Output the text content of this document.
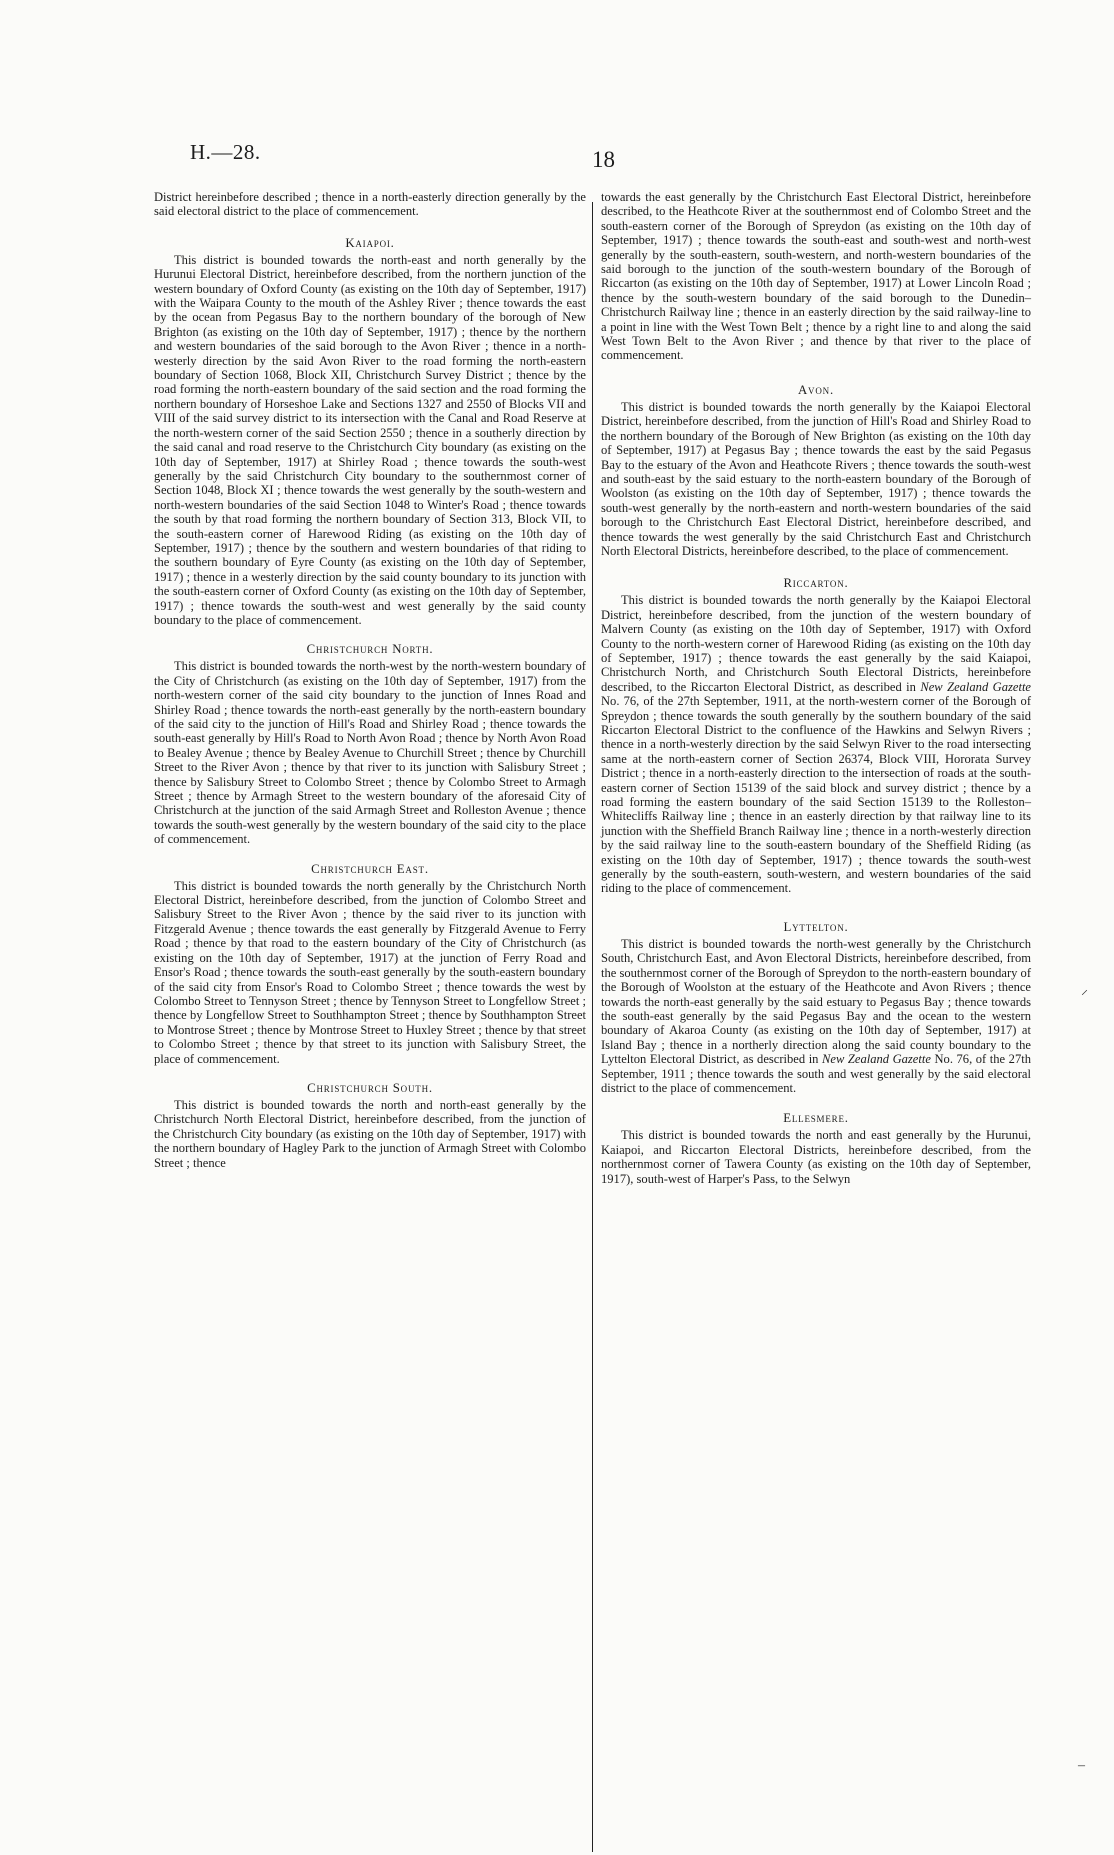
H.—28.	18

District hereinbefore described ; thence in a north-easterly direction generally by the said electoral district to the place of commencement.

Kaiapoi.

This district is bounded towards the north-east and north generally by the Hurunui Electoral District, hereinbefore described, from the northern junction of the western boundary of Oxford County (as existing on the 10th day of September, 1917) with the Waipara County to the mouth of the Ashley River ; thence towards the east by the ocean from Pegasus Bay to the northern boundary of the borough of New Brighton (as existing on the 10th day of September, 1917) ; thence by the northern and western boundaries of the said borough to the Avon River ; thence in a north-westerly direction by the said Avon River to the road forming the north-eastern boundary of Section 1068, Block XII, Christchurch Survey District ; thence by the road forming the north-eastern boundary of the said section and the road forming the northern boundary of Horseshoe Lake and Sections 1327 and 2550 of Blocks VII and VIII of the said survey district to its intersection with the Canal and Road Reserve at the north-western corner of the said Section 2550 ; thence in a southerly direction by the said canal and road reserve to the Christchurch City boundary (as existing on the 10th day of September, 1917) at Shirley Road ; thence towards the south-west generally by the said Christchurch City boundary to the southernmost corner of Section 1048, Block XI ; thence towards the west generally by the south-western and north-western boundaries of the said Section 1048 to Winter's Road ; thence towards the south by that road forming the northern boundary of Section 313, Block VII, to the south-eastern corner of Harewood Riding (as existing on the 10th day of September, 1917) ; thence by the southern and western boundaries of that riding to the southern boundary of Eyre County (as existing on the 10th day of September, 1917) ; thence in a westerly direction by the said county boundary to its junction with the south-eastern corner of Oxford County (as existing on the 10th day of September, 1917) ; thence towards the south-west and west generally by the said county boundary to the place of commencement.

Christchurch North.

This district is bounded towards the north-west by the north-western boundary of the City of Christchurch (as existing on the 10th day of September, 1917) from the north-western corner of the said city boundary to the junction of Innes Road and Shirley Road ; thence towards the north-east generally by the north-eastern boundary of the said city to the junction of Hill's Road and Shirley Road ; thence towards the south-east generally by Hill's Road to North Avon Road ; thence by North Avon Road to Bealey Avenue ; thence by Bealey Avenue to Churchill Street ; thence by Churchill Street to the River Avon ; thence by that river to its junction with Salisbury Street ; thence by Salisbury Street to Colombo Street ; thence by Colombo Street to Armagh Street ; thence by Armagh Street to the western boundary of the aforesaid City of Christchurch at the junction of the said Armagh Street and Rolleston Avenue ; thence towards the south-west generally by the western boundary of the said city to the place of commencement.

Christchurch East.

This district is bounded towards the north generally by the Christchurch North Electoral District, hereinbefore described, from the junction of Colombo Street and Salisbury Street to the River Avon ; thence by the said river to its junction with Fitzgerald Avenue ; thence towards the east generally by Fitzgerald Avenue to Ferry Road ; thence by that road to the eastern boundary of the City of Christchurch (as existing on the 10th day of September, 1917) at the junction of Ferry Road and Ensor's Road ; thence towards the south-east generally by the south-eastern boundary of the said city from Ensor's Road to Colombo Street ; thence towards the west by Colombo Street to Tennyson Street ; thence by Tennyson Street to Longfellow Street ; thence by Longfellow Street to Southhampton Street ; thence by Southhampton Street to Montrose Street ; thence by Montrose Street to Huxley Street ; thence by that street to Colombo Street ; thence by that street to its junction with Salisbury Street, the place of commencement.

Christchurch South.

This district is bounded towards the north and north-east generally by the Christchurch North Electoral District, hereinbefore described, from the junction of the Christchurch City boundary (as existing on the 10th day of September, 1917) with the northern boundary of Hagley Park to the junction of Armagh Street with Colombo Street ; thence

towards the east generally by the Christchurch East Electoral District, hereinbefore described, to the Heathcote River at the southernmost end of Colombo Street and the south-eastern corner of the Borough of Spreydon (as existing on the 10th day of September, 1917) ; thence towards the south-east and south-west and north-west generally by the south-eastern, south-western, and north-western boundaries of the said borough to the junction of the south-western boundary of the Borough of Riccarton (as existing on the 10th day of September, 1917) at Lower Lincoln Road ; thence by the south-western boundary of the said borough to the Dunedin–Christchurch Railway line ; thence in an easterly direction by the said railway-line to a point in line with the West Town Belt ; thence by a right line to and along the said West Town Belt to the Avon River ; and thence by that river to the place of commencement.

Avon.

This district is bounded towards the north generally by the Kaiapoi Electoral District, hereinbefore described, from the junction of Hill's Road and Shirley Road to the northern boundary of the Borough of New Brighton (as existing on the 10th day of September, 1917) at Pegasus Bay ; thence towards the east by the said Pegasus Bay to the estuary of the Avon and Heathcote Rivers ; thence towards the south-west and south-east by the said estuary to the north-eastern boundary of the Borough of Woolston (as existing on the 10th day of September, 1917) ; thence towards the south-west generally by the north-eastern and north-western boundaries of the said borough to the Christchurch East Electoral District, hereinbefore described, and thence towards the west generally by the said Christchurch East and Christchurch North Electoral Districts, hereinbefore described, to the place of commencement.

Riccarton.

This district is bounded towards the north generally by the Kaiapoi Electoral District, hereinbefore described, from the junction of the western boundary of Malvern County (as existing on the 10th day of September, 1917) with Oxford County to the north-western corner of Harewood Riding (as existing on the 10th day of September, 1917) ; thence towards the east generally by the said Kaiapoi, Christchurch North, and Christchurch South Electoral Districts, hereinbefore described, to the Riccarton Electoral District, as described in New Zealand Gazette No. 76, of the 27th September, 1911, at the north-western corner of the Borough of Spreydon ; thence towards the south generally by the southern boundary of the said Riccarton Electoral District to the confluence of the Hawkins and Selwyn Rivers ; thence in a north-westerly direction by the said Selwyn River to the road intersecting same at the north-eastern corner of Section 26374, Block VIII, Hororata Survey District ; thence in a north-easterly direction to the intersection of roads at the south-eastern corner of Section 15139 of the said block and survey district ; thence by a road forming the eastern boundary of the said Section 15139 to the Rolleston–Whitecliffs Railway line ; thence in an easterly direction by that railway line to its junction with the Sheffield Branch Railway line ; thence in a north-westerly direction by the said railway line to the south-eastern boundary of the Sheffield Riding (as existing on the 10th day of September, 1917) ; thence towards the south-west generally by the south-eastern, south-western, and western boundaries of the said riding to the place of commencement.

Lyttelton.

This district is bounded towards the north-west generally by the Christchurch South, Christchurch East, and Avon Electoral Districts, hereinbefore described, from the southernmost corner of the Borough of Spreydon to the north-eastern boundary of the Borough of Woolston at the estuary of the Heathcote and Avon Rivers ; thence towards the north-east generally by the said estuary to Pegasus Bay ; thence towards the south-east generally by the said Pegasus Bay and the ocean to the western boundary of Akaroa County (as existing on the 10th day of September, 1917) at Island Bay ; thence in a northerly direction along the said county boundary to the Lyttelton Electoral District, as described in New Zealand Gazette No. 76, of the 27th September, 1911 ; thence towards the south and west generally by the said electoral district to the place of commencement.

Ellesmere.

This district is bounded towards the north and east generally by the Hurunui, Kaiapoi, and Riccarton Electoral Districts, hereinbefore described, from the northernmost corner of Tawera County (as existing on the 10th day of September, 1917), south-west of Harper's Pass, to the Selwyn

⸝
–
